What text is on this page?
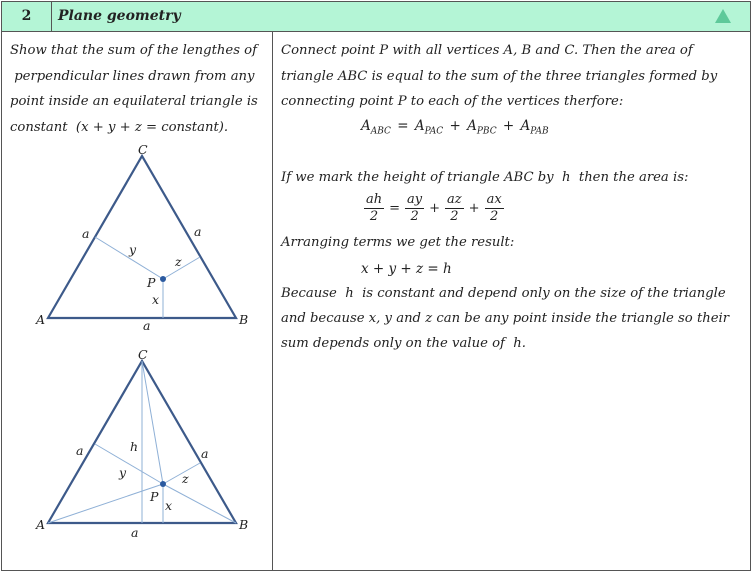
2	Plane geometry

Show that the sum of the lengthes of

perpendicular lines drawn from any

point inside an equilateral triangle is

constant  (x + y + z = constant).

C
A	B
P
a	a
a
x
y
z
C
A	B
P
a	a
a
h
x
y	z

Connect point P with all vertices A, B and C. Then the area of

triangle ABC is equal to the sum of the three triangles formed by

connecting point P to each of the vertices therfore:

$A_{ABC} = A_{PAC} + A_{PBC} + A_{PAB}$

If we mark the height of triangle ABC by  h  then the area is:

$\frac{ah}{2} = \frac{ay}{2} + \frac{az}{2} + \frac{ax}{2}$

Arranging terms we get the result:

x + y + z = h

Because  h  is constant and depend only on the size of the triangle

and because x, y and z can be any point inside the triangle so their

sum depends only on the value of  h.
